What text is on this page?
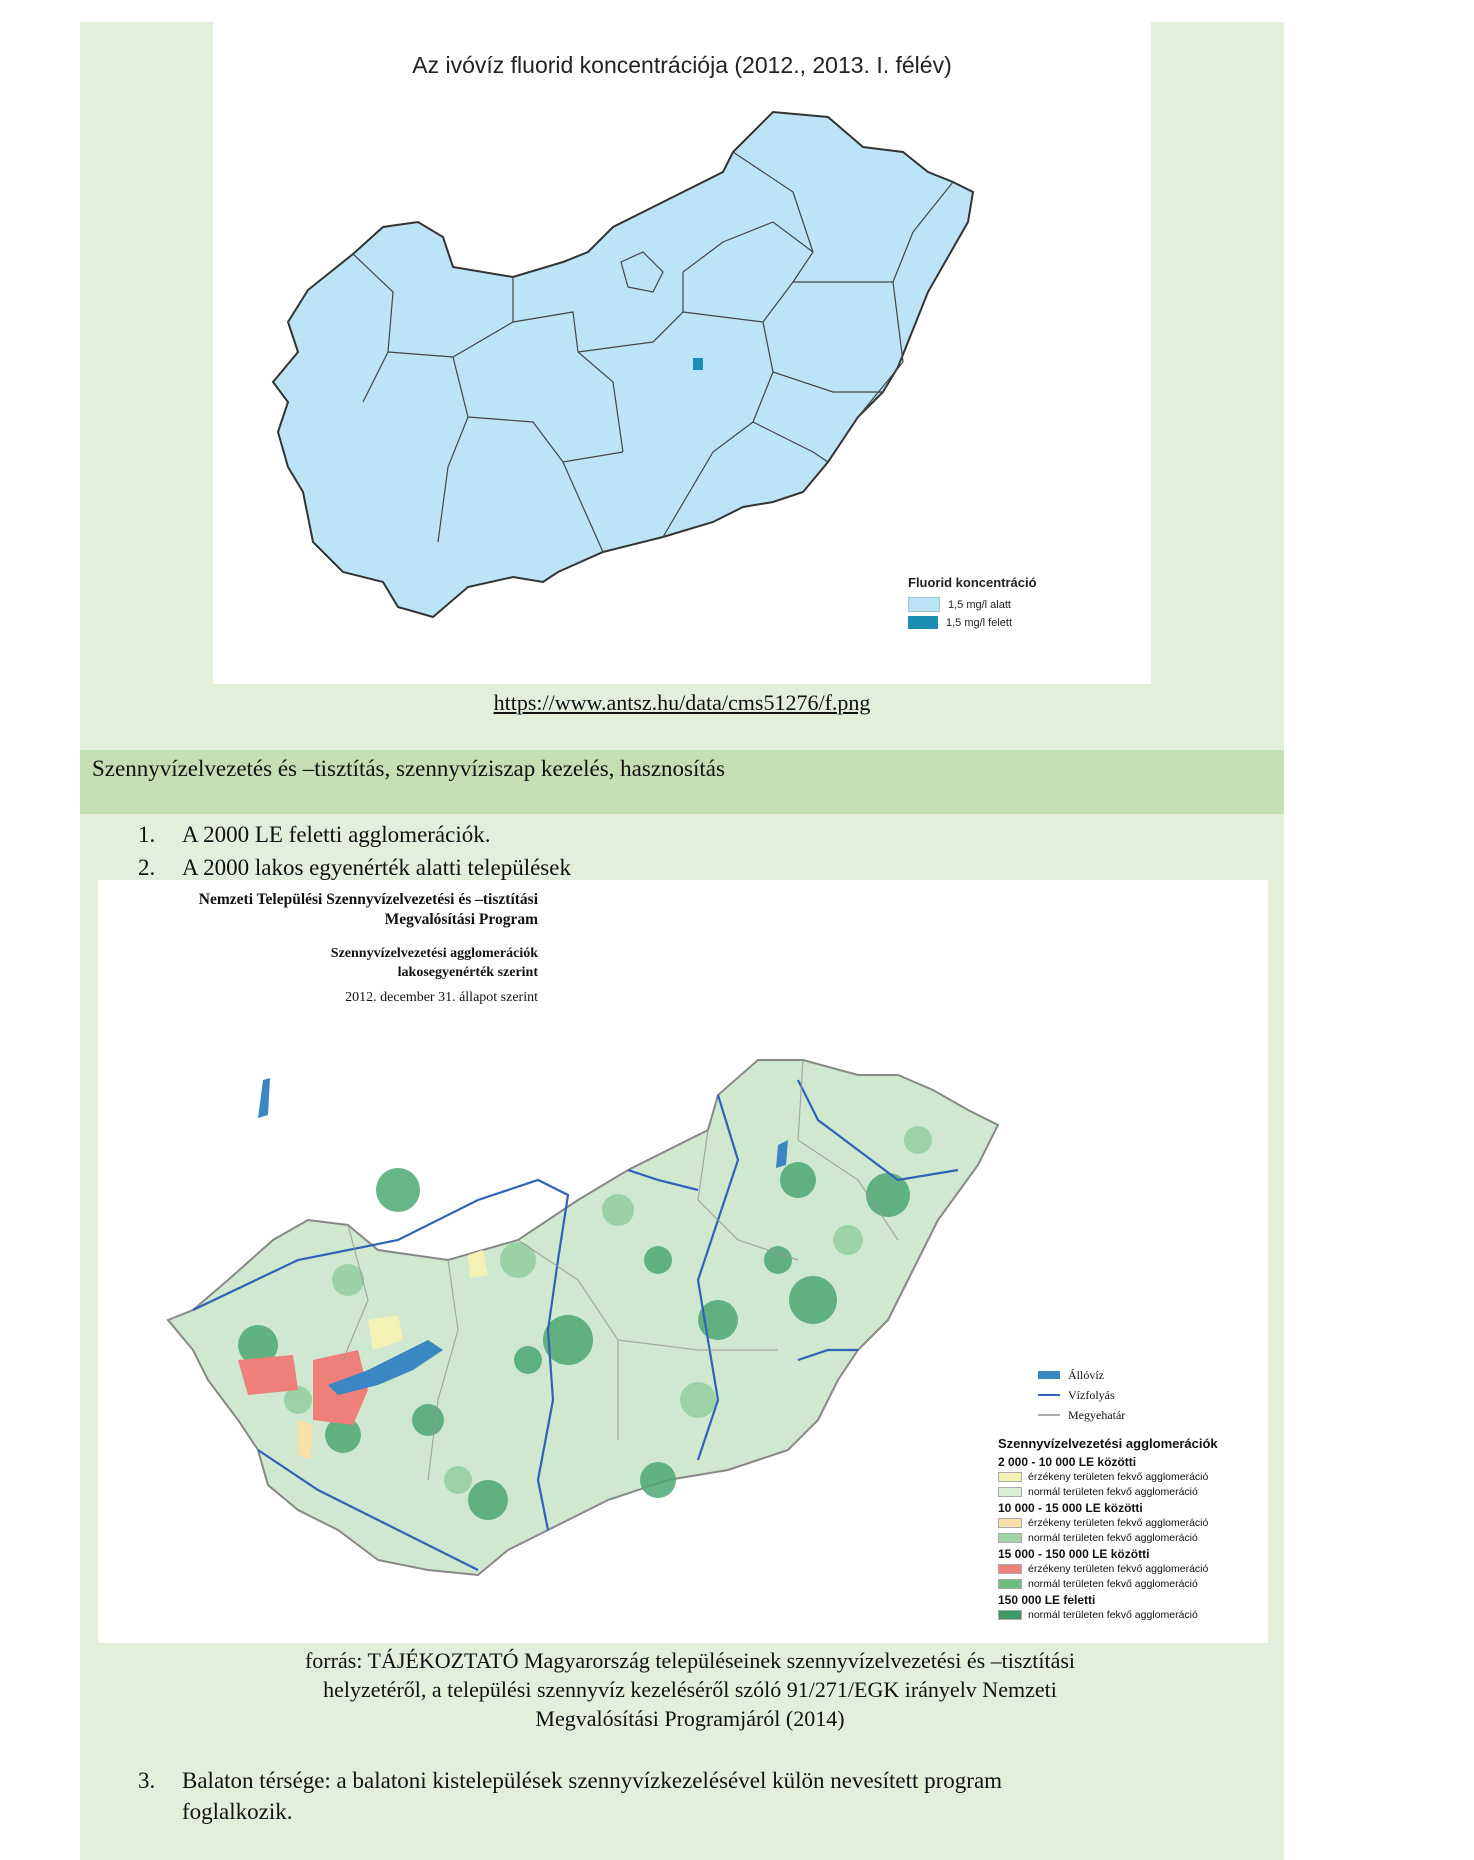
Az ivóvíz fluorid koncentrációja (2012., 2013. I. félév)
Fluorid koncentráció
1,5 mg/l alatt
1,5 mg/l felett
https://www.antsz.hu/data/cms51276/f.png
Szennyvízelvezetés és –tisztítás, szennyvíziszap kezelés, hasznosítás
1. A 2000 LE feletti agglomerációk.
2. A 2000 lakos egyenérték alatti települések
Nemzeti Települési Szennyvízelvezetési és –tisztítási
Megvalósítási Program
Szennyvízelvezetési agglomerációk
lakosegyenérték szerint
2012. december 31. állapot szerint
Állóvíz
Vízfolyás
Megyehatár
Szennyvízelvezetési agglomerációk
2 000 - 10 000 LE közötti
érzékeny területen fekvő agglomeráció
normál területen fekvő agglomeráció
10 000 - 15 000 LE közötti
érzékeny területen fekvő agglomeráció
normál területen fekvő agglomeráció
15 000 - 150 000 LE közötti
érzékeny területen fekvő agglomeráció
normál területen fekvő agglomeráció
150 000 LE feletti
normál területen fekvő agglomeráció
forrás: TÁJÉKOZTATÓ Magyarország településeinek szennyvízelvezetési és –tisztítási
helyzetéről, a települési szennyvíz kezeléséről szóló 91/271/EGK irányelv Nemzeti
Megvalósítási Programjáról (2014)
3. Balaton térsége: a balatoni kistelepülések szennyvízkezelésével külön nevesített program
foglalkozik.
